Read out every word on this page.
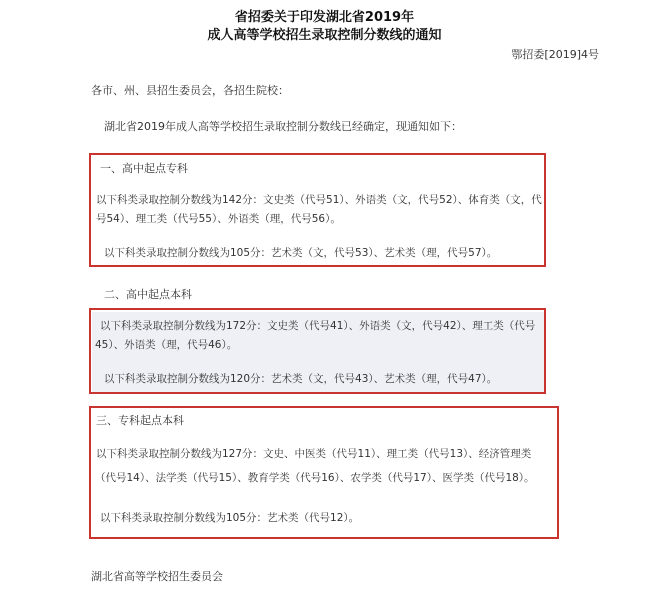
省招委关于印发湖北省2019年
成人高等学校招生录取控制分数线的通知
鄂招委[2019]4号
各市、州、县招生委员会，各招生院校：
湖北省2019年成人高等学校招生录取控制分数线已经确定，现通知如下：
一、高中起点专科
以下科类录取控制分数线为142分：文史类（代号51）、外语类（文，代号52）、体育类（文，代
号54）、理工类（代号55）、外语类（理，代号56）。
以下科类录取控制分数线为105分：艺术类（文，代号53）、艺术类（理，代号57）。
二、高中起点本科
以下科类录取控制分数线为172分：文史类（代号41）、外语类（文，代号42）、理工类（代号
45）、外语类（理，代号46）。
以下科类录取控制分数线为120分：艺术类（文，代号43）、艺术类（理，代号47）。
三、专科起点本科
以下科类录取控制分数线为127分：文史、中医类（代号11）、理工类（代号13）、经济管理类
（代号14）、法学类（代号15）、教育学类（代号16）、农学类（代号17）、医学类（代号18）。
以下科类录取控制分数线为105分：艺术类（代号12）。
湖北省高等学校招生委员会
